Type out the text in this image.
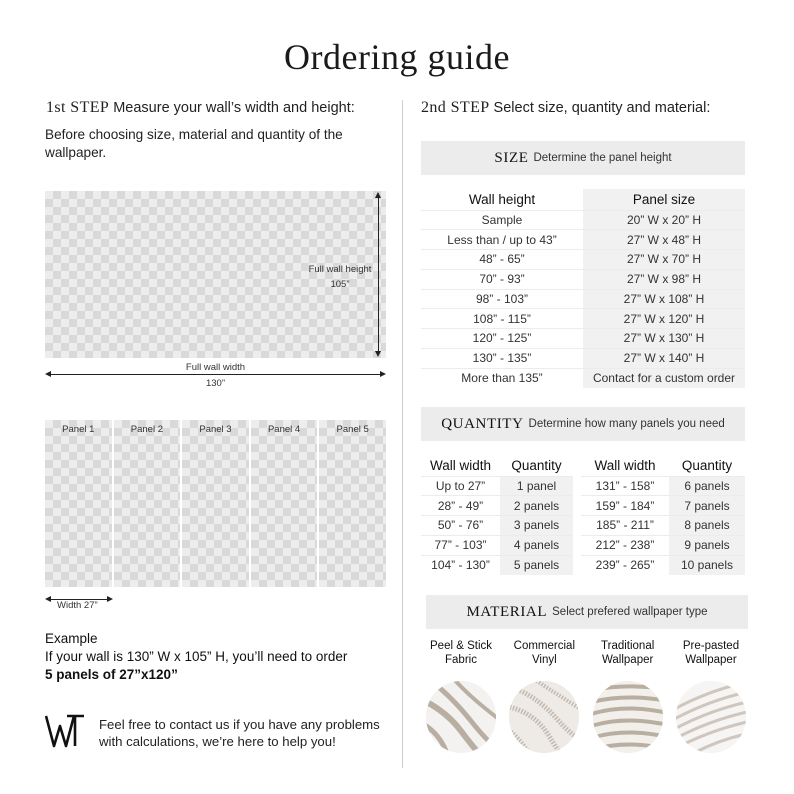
Ordering guide
1st STEP Measure your wall’s width and height:
Before choosing size, material and quantity of the wallpaper.
Full wall height
105”
Full wall width
130”
Panel 1	Panel 2	Panel 3	Panel 4	Panel 5
Width 27”
Example
If your wall is 130” W x 105” H, you’ll need to order
5 panels of 27”x120”
Feel free to contact us if you have any problems with calculations, we’re here to help you!
2nd STEP Select size, quantity and material:
SIZE Determine the panel height
Wall height	Panel size
Sample	20” W x 20” H
Less than / up to 43”	27” W x 48” H
48” - 65”	27” W x 70” H
70” - 93”	27” W x 98” H
98” - 103”	27” W x 108” H
108” - 115”	27” W x 120” H
120” - 125”	27” W x 130” H
130” - 135”	27” W x 140” H
More than 135”	Contact for a custom order
QUANTITY Determine how many panels you need
Wall width	Quantity		Wall width	Quantity
Up to 27”	1 panel		131” - 158”	6 panels
28” - 49”	2 panels		159” - 184”	7 panels
50” - 76”	3 panels		185” - 211”	8 panels
77” - 103”	4 panels		212” - 238”	9 panels
104” - 130”	5 panels		239” - 265”	10 panels
MATERIAL Select prefered wallpaper type
Peel & Stick
Fabric
Commercial
Vinyl
Traditional
Wallpaper
Pre-pasted
Wallpaper
